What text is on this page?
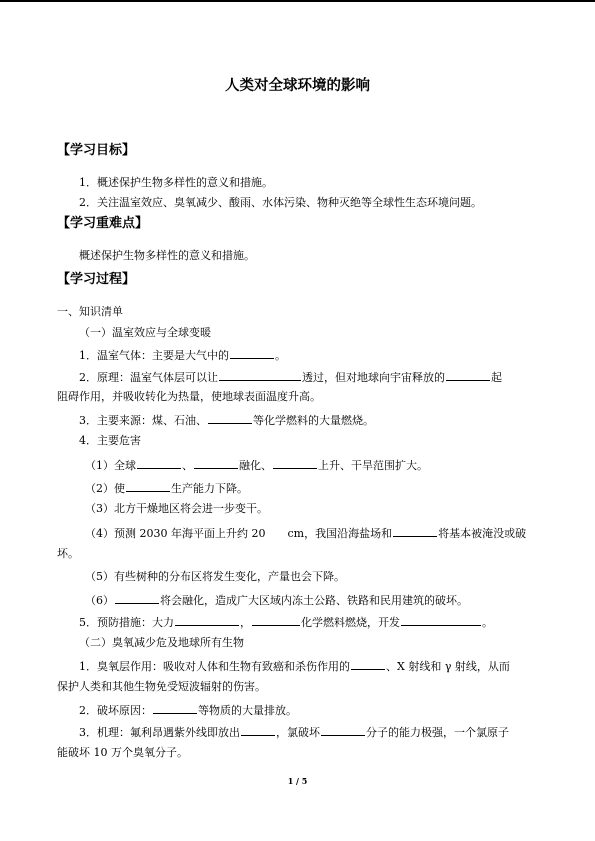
人类对全球环境的影响
【学习目标】
1．概述保护生物多样性的意义和措施。
2．关注温室效应、臭氧减少、酸雨、水体污染、物种灭绝等全球性生态环境问题。
【学习重难点】
概述保护生物多样性的意义和措施。
【学习过程】
一、知识清单
（一）温室效应与全球变暖
1．温室气体：主要是大气中的	。
2．原理：温室气体层可以让	透过，但对地球向宇宙释放的	起
阻碍作用，并吸收转化为热量，使地球表面温度升高。
3．主要来源：煤、石油、	等化学燃料的大量燃烧。
4．主要危害
（1）全球	、	融化、	上升、干旱范围扩大。
（2）使	生产能力下降。
（3）北方干燥地区将会进一步变干。
（4）预测 2030 年海平面上升约 20 cm，我国沿海盐场和	将基本被淹没或破
坏。
（5）有些树种的分布区将发生变化，产量也会下降。
（6）	将会融化，造成广大区域内冻土公路、铁路和民用建筑的破坏。
5．预防措施：大力	，	化学燃料燃烧，开发	。
（二）臭氧减少危及地球所有生物
1．臭氧层作用：吸收对人体和生物有致癌和杀伤作用的	、X 射线和 γ 射线，从而
保护人类和其他生物免受短波辐射的伤害。
2．破坏原因：	等物质的大量排放。
3．机理：氟利昂遇紫外线即放出	，氯破坏	分子的能力极强，一个氯原子
能破坏 10 万个臭氧分子。
1 / 5
